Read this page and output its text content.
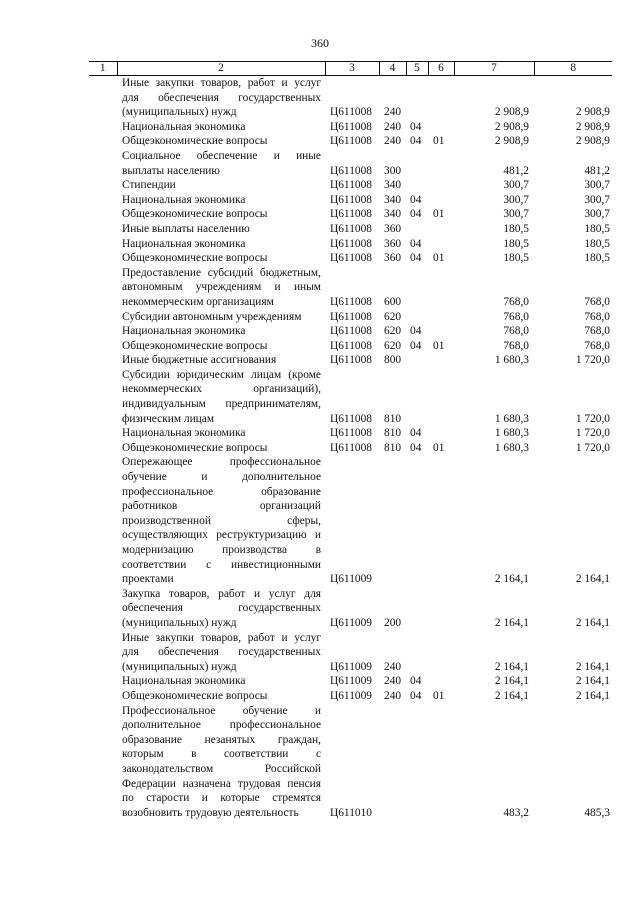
360
1	2	3	4	5	6	7	8
	Иные закупки товаров, работ и услуг для обеспечения государственных (муниципальных) нужд	Ц611008	240			2 908,9	2 908,9
	Национальная экономика	Ц611008	240	04		2 908,9	2 908,9
	Общеэкономические вопросы	Ц611008	240	04	01	2 908,9	2 908,9
	Социальное обеспечение и иные выплаты населению	Ц611008	300			481,2	481,2
	Стипендии	Ц611008	340			300,7	300,7
	Национальная экономика	Ц611008	340	04		300,7	300,7
	Общеэкономические вопросы	Ц611008	340	04	01	300,7	300,7
	Иные выплаты населению	Ц611008	360			180,5	180,5
	Национальная экономика	Ц611008	360	04		180,5	180,5
	Общеэкономические вопросы	Ц611008	360	04	01	180,5	180,5
	Предоставление субсидий бюджетным, автономным учреждениям и иным некоммерческим организациям	Ц611008	600			768,0	768,0
	Субсидии автономным учреждениям	Ц611008	620			768,0	768,0
	Национальная экономика	Ц611008	620	04		768,0	768,0
	Общеэкономические вопросы	Ц611008	620	04	01	768,0	768,0
	Иные бюджетные ассигнования	Ц611008	800			1 680,3	1 720,0
	Субсидии юридическим лицам (кроме некоммерческих организаций), индивидуальным предпринимателям, физическим лицам	Ц611008	810			1 680,3	1 720,0
	Национальная экономика	Ц611008	810	04		1 680,3	1 720,0
	Общеэкономические вопросы	Ц611008	810	04	01	1 680,3	1 720,0
	Опережающее профессиональное обучение и дополнительное профессиональное образование работников организаций производственной сферы, осуществляющих реструктуризацию и модернизацию производства в соответствии с инвестиционными проектами	Ц611009				2 164,1	2 164,1
	Закупка товаров, работ и услуг для обеспечения государственных (муниципальных) нужд	Ц611009	200			2 164,1	2 164,1
	Иные закупки товаров, работ и услуг для обеспечения государственных (муниципальных) нужд	Ц611009	240			2 164,1	2 164,1
	Национальная экономика	Ц611009	240	04		2 164,1	2 164,1
	Общеэкономические вопросы	Ц611009	240	04	01	2 164,1	2 164,1
	Профессиональное обучение и дополнительное профессиональное образование незанятых граждан, которым в соответствии с законодательством Российской Федерации назначена трудовая пенсия по старости и которые стремятся возобновить трудовую деятельность	Ц611010				483,2	485,3
